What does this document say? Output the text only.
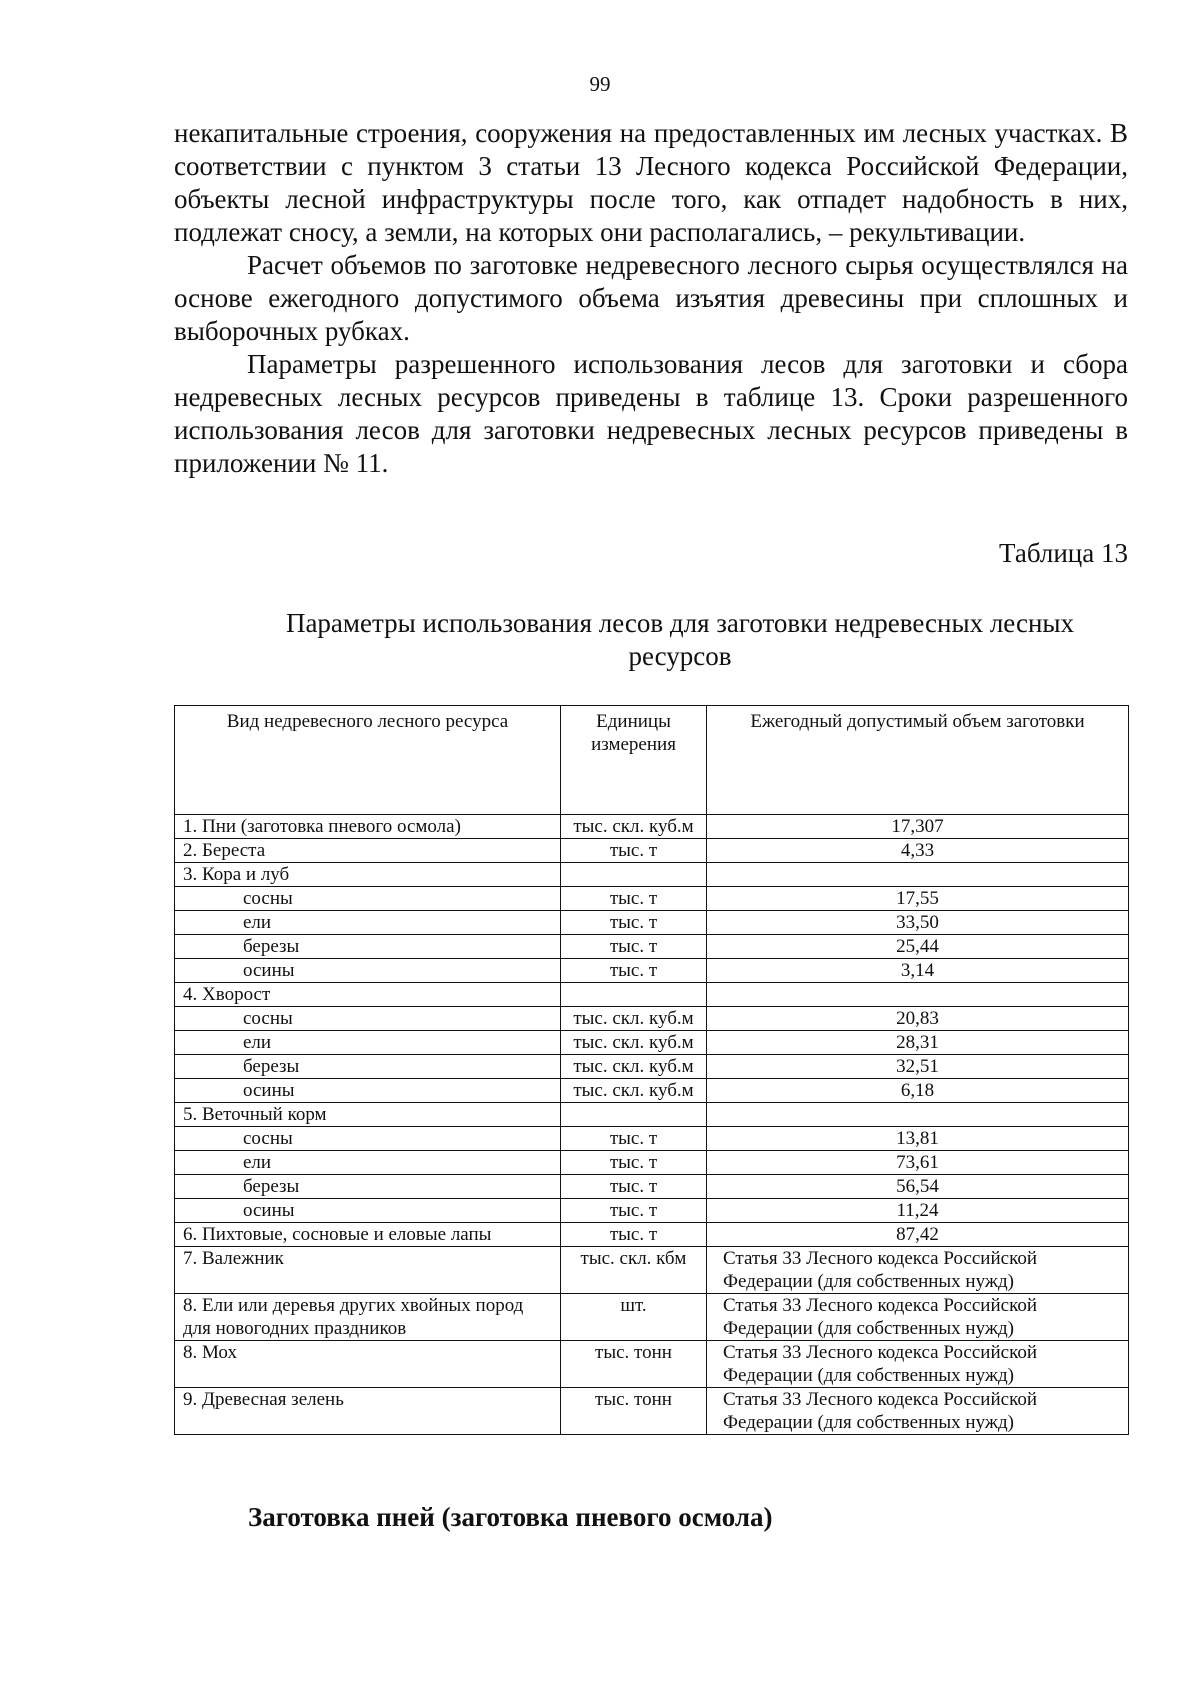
99

некапитальные строения, сооружения на предоставленных им лесных участках. В соответствии с пунктом 3 статьи 13 Лесного кодекса Российской Федерации, объекты лесной инфраструктуры после того, как отпадет надобность в них, подлежат сносу, а земли, на которых они располагались, – рекультивации.

Расчет объемов по заготовке недревесного лесного сырья осуществлялся на основе ежегодного допустимого объема изъятия древесины при сплошных и выборочных рубках.

Параметры разрешенного использования лесов для заготовки и сбора недревесных лесных ресурсов приведены в таблице 13. Сроки разрешенного использования лесов для заготовки недревесных лесных ресурсов приведены в приложении № 11.

Таблица 13
Параметры использования лесов для заготовки недревесных лесных ресурсов
Вид недревесного лесного ресурса	Единицы измерения	Ежегодный допустимый объем заготовки
1. Пни (заготовка пневого осмола)	тыс. скл. куб.м	17,307
2. Береста	тыс. т	4,33
3. Кора и луб		
сосны	тыс. т	17,55
ели	тыс. т	33,50
березы	тыс. т	25,44
осины	тыс. т	3,14
4. Хворост		
сосны	тыс. скл. куб.м	20,83
ели	тыс. скл. куб.м	28,31
березы	тыс. скл. куб.м	32,51
осины	тыс. скл. куб.м	6,18
5. Веточный корм		
сосны	тыс. т	13,81
ели	тыс. т	73,61
березы	тыс. т	56,54
осины	тыс. т	11,24
6. Пихтовые, сосновые и еловые лапы	тыс. т	87,42
7. Валежник	тыс. скл. кбм	Статья 33 Лесного кодекса Российской Федерации (для собственных нужд)
8. Ели или деревья других хвойных пород для новогодних праздников	шт.	Статья 33 Лесного кодекса Российской Федерации (для собственных нужд)
8. Мох	тыс. тонн	Статья 33 Лесного кодекса Российской Федерации (для собственных нужд)
9. Древесная зелень	тыс. тонн	Статья 33 Лесного кодекса Российской Федерации (для собственных нужд)
Заготовка пней (заготовка пневого осмола)
